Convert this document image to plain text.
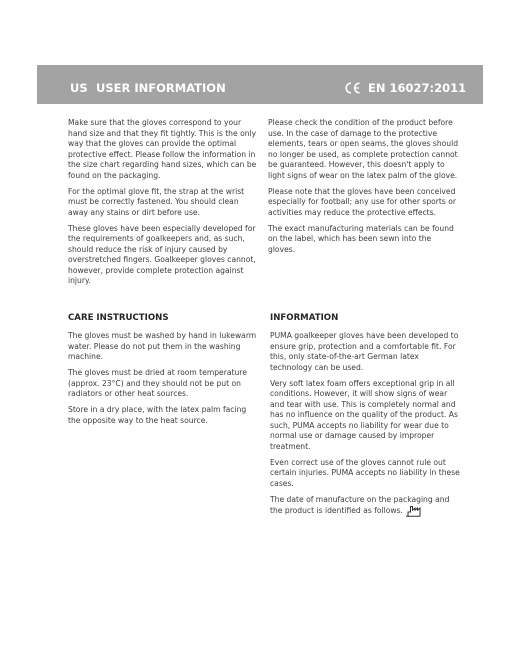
US USER INFORMATION	EN 16027:2011

Make sure that the gloves correspond to your hand size and that they fit tightly. This is the only way that the gloves can provide the optimal protective effect. Please follow the information in the size chart regarding hand sizes, which can be found on the packaging.

For the optimal glove fit, the strap at the wrist must be correctly fastened. You should clean away any stains or dirt before use.

These gloves have been especially developed for the requirements of goalkeepers and, as such, should reduce the risk of injury caused by overstretched fingers. Goalkeeper gloves cannot, however, provide complete protection against injury.

Please check the condition of the product before use. In the case of damage to the protective elements, tears or open seams, the gloves should no longer be used, as complete protection cannot be guaranteed. However, this doesn't apply to light signs of wear on the latex palm of the glove.

Please note that the gloves have been conceived especially for football; any use for other sports or activities may reduce the protective effects.

The exact manufacturing materials can be found on the label, which has been sewn into the gloves.

CARE INSTRUCTIONS	INFORMATION

The gloves must be washed by hand in lukewarm water. Please do not put them in the washing machine.

The gloves must be dried at room temperature (approx. 23°C) and they should not be put on radiators or other heat sources.

Store in a dry place, with the latex palm facing the opposite way to the heat source.

PUMA goalkeeper gloves have been developed to ensure grip, protection and a comfortable fit. For this, only state-of-the-art German latex technology can be used.

Very soft latex foam offers exceptional grip in all conditions. However, it will show signs of wear and tear with use. This is completely normal and has no influence on the quality of the product. As such, PUMA accepts no liability for wear due to normal use or damage caused by improper treatment.

Even correct use of the gloves cannot rule out certain injuries. PUMA accepts no liability in these cases.

The date of manufacture on the packaging and the product is identified as follows.
